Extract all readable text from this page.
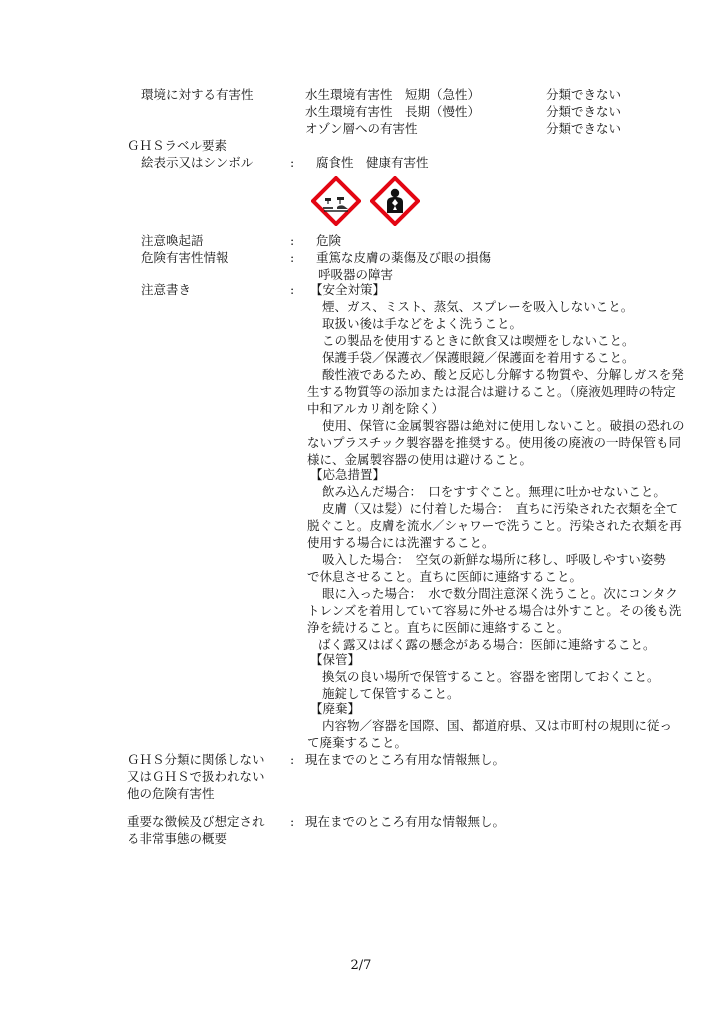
環境に対する有害性	水生環境有害性　短期（急性）	分類できない
水生環境有害性　長期（慢性）	分類できない
オゾン層への有害性	分類できない
ＧＨＳラベル要素
絵表示又はシンボル	: 腐食性　健康有害性
注意喚起語	: 危険
危険有害性情報	: 重篤な皮膚の薬傷及び眼の損傷
呼吸器の障害
注意書き	: 【安全対策】
煙、ガス、ミスト、蒸気、スプレーを吸入しないこと。
取扱い後は手などをよく洗うこと。
この製品を使用するときに飲食又は喫煙をしないこと。
保護手袋／保護衣／保護眼鏡／保護面を着用すること。
酸性液であるため、酸と反応し分解する物質や、分解しガスを発
生する物質等の添加または混合は避けること。（廃液処理時の特定
中和アルカリ剤を除く）
使用、保管に金属製容器は絶対に使用しないこと。破損の恐れの
ないプラスチック製容器を推奨する。使用後の廃液の一時保管も同
様に、金属製容器の使用は避けること。
【応急措置】
飲み込んだ場合：　口をすすぐこと。無理に吐かせないこと。
皮膚（又は髪）に付着した場合：　直ちに汚染された衣類を全て
脱ぐこと。皮膚を流水／シャワーで洗うこと。汚染された衣類を再
使用する場合には洗濯すること。
吸入した場合：　空気の新鮮な場所に移し、呼吸しやすい姿勢
で休息させること。直ちに医師に連絡すること。
眼に入った場合：　水で数分間注意深く洗うこと。次にコンタク
トレンズを着用していて容易に外せる場合は外すこと。その後も洗
浄を続けること。直ちに医師に連絡すること。
ばく露又はばく露の懸念がある場合：医師に連絡すること。
【保管】
換気の良い場所で保管すること。容器を密閉しておくこと。
施錠して保管すること。
【廃棄】
内容物／容器を国際、国、都道府県、又は市町村の規則に従っ
て廃棄すること。
ＧＨＳ分類に関係しない
又はＧＨＳで扱われない
他の危険有害性
: 現在までのところ有用な情報無し。
重要な徴候及び想定され
る非常事態の概要
: 現在までのところ有用な情報無し。
2/7
